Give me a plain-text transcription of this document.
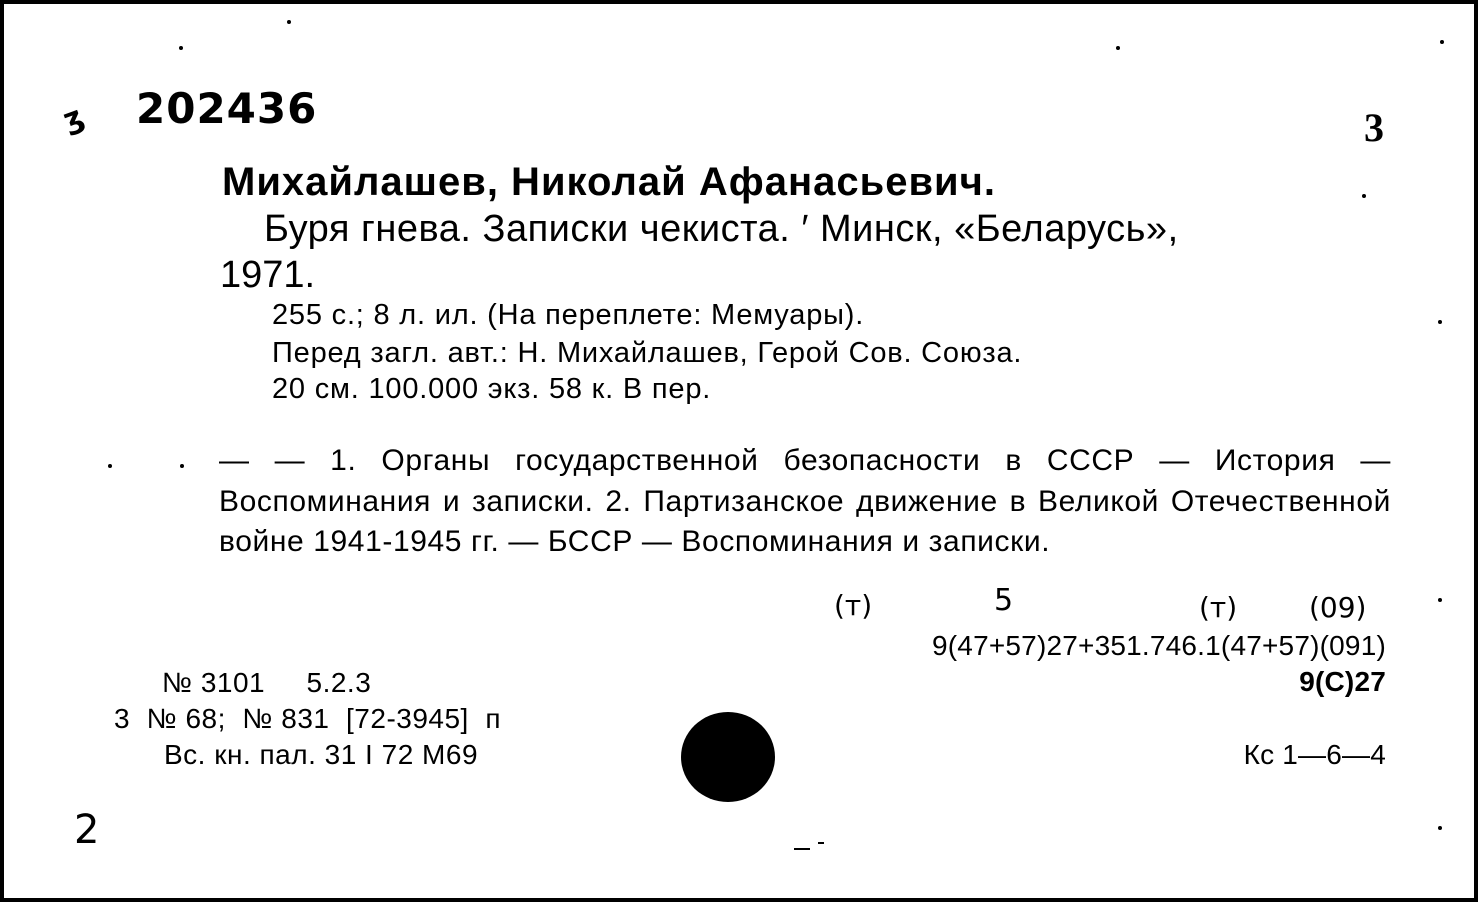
ʒ 202436	3
Михайлашев, Николай Афанасьевич.
Буря гнева. Записки чекиста. ′ Минск, «Беларусь»,
1971.
255 с.; 8 л. ил. (На переплете: Мемуары).
Перед загл. авт.: Н. Михайлашев, Герой Сов. Союза.
20 см. 100.000 экз. 58 к. В пер.
— — 1. Органы государственной безопасности в СССР — История — Воспоминания и записки. 2. Партизанское движение в Великой Отечественной войне 1941-1945 гг. — БССР — Воспоминания и записки.
(т)	5	(т)	(09)
9(47+57)27+351.746.1(47+57)(091)
9(С)27
Кс 1—6—4
№ 3101     5.2.3
3  № 68;  № 831  [72-3945]  п
Вс. кн. пал. 31 I 72 М69
2
